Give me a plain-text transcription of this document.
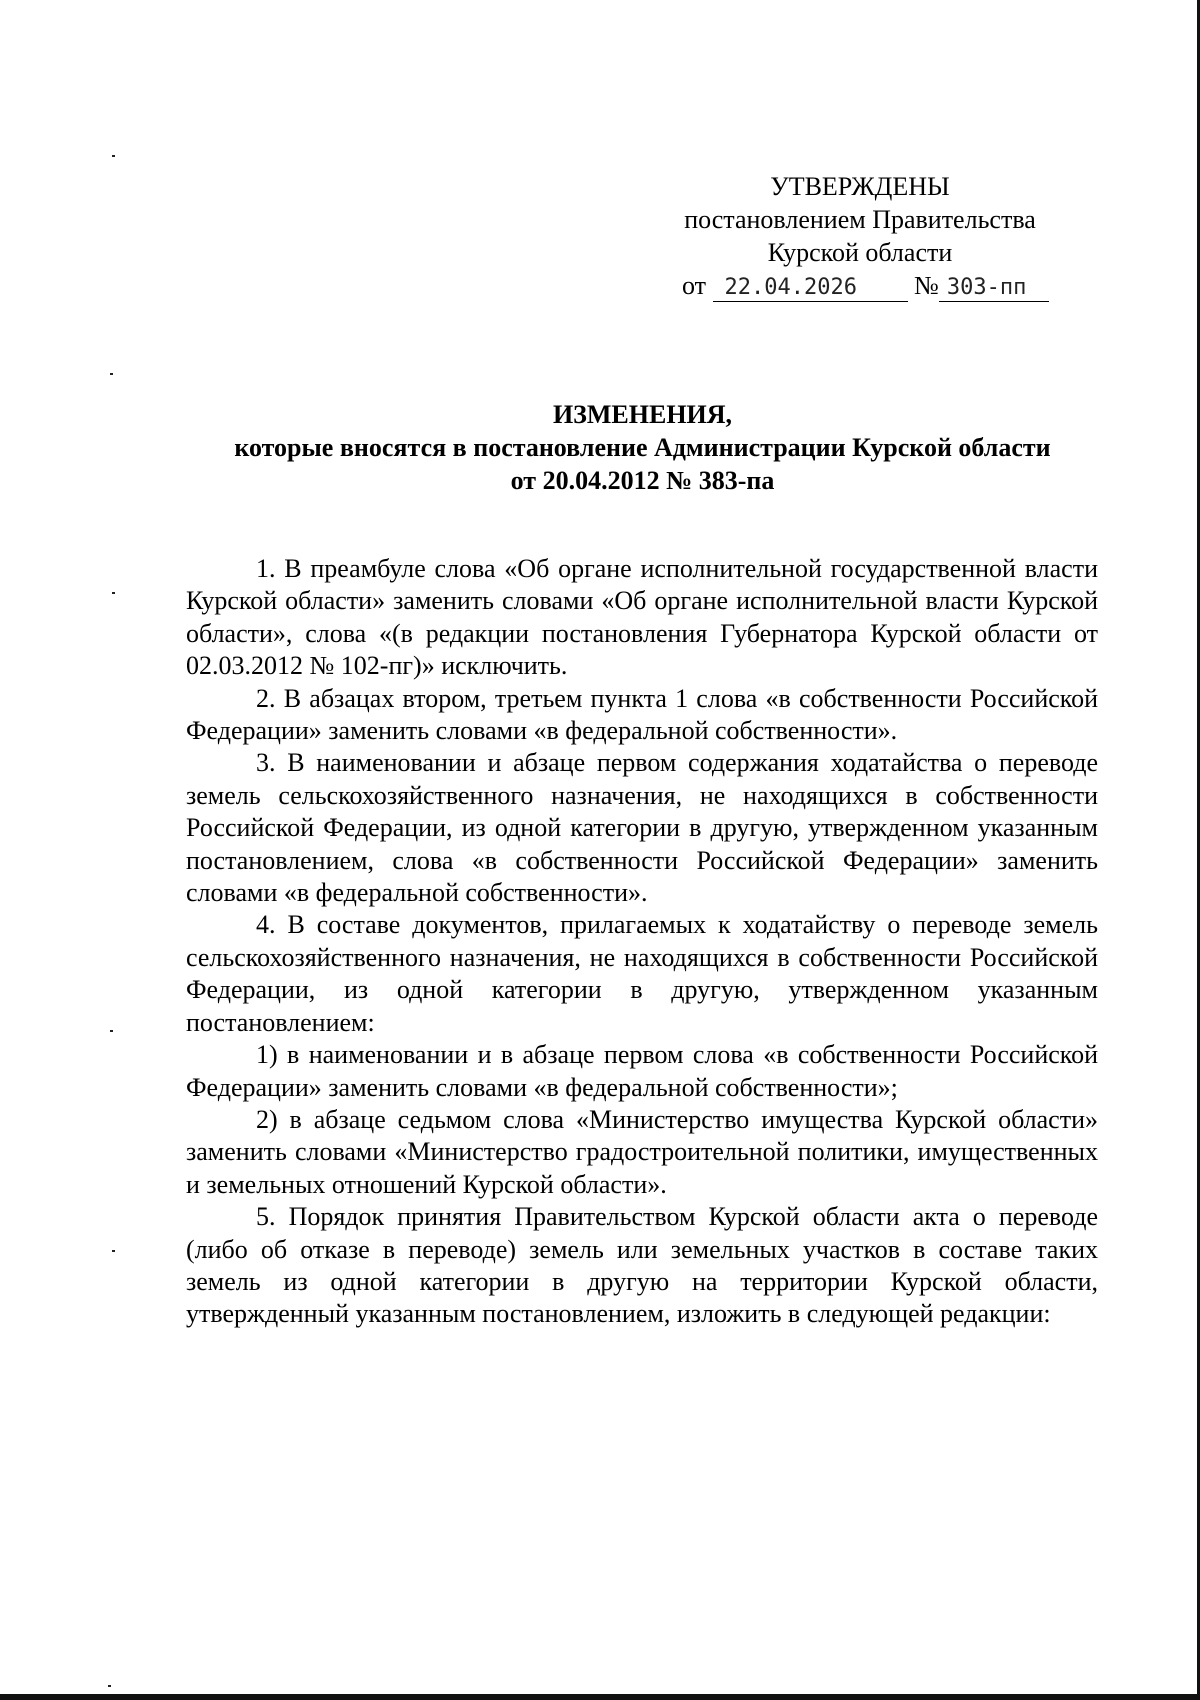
УТВЕРЖДЕНЫ
постановлением Правительства
Курской области
от 22.04.2026 № 303-пп
ИЗМЕНЕНИЯ,
которые вносятся в постановление Администрации Курской области
от 20.04.2012 № 383-па

1. В преамбуле слова «Об органе исполнительной государственной власти Курской области» заменить словами «Об органе исполнительной власти Курской области», слова «(в редакции постановления Губернатора Курской области от 02.03.2012 № 102-пг)» исключить.

2. В абзацах втором, третьем пункта 1 слова «в собственности Российской Федерации» заменить словами «в федеральной собственности».

3. В наименовании и абзаце первом содержания ходатайства о переводе земель сельскохозяйственного назначения, не находящихся в собственности Российской Федерации, из одной категории в другую, утвержденном указанным постановлением, слова «в собственности Российской Федерации» заменить словами «в федеральной собственности».

4. В составе документов, прилагаемых к ходатайству о переводе земель сельскохозяйственного назначения, не находящихся в собственности Российской Федерации, из одной категории в другую, утвержденном указанным постановлением:

1) в наименовании и в абзаце первом слова «в собственности Российской Федерации» заменить словами «в федеральной собственности»;

2) в абзаце седьмом слова «Министерство имущества Курской области» заменить словами «Министерство градостроительной политики, имущественных и земельных отношений Курской области».

5. Порядок принятия Правительством Курской области акта о переводе (либо об отказе в переводе) земель или земельных участков в составе таких земель из одной категории в другую на территории Курской области, утвержденный указанным постановлением, изложить в следующей редакции:
